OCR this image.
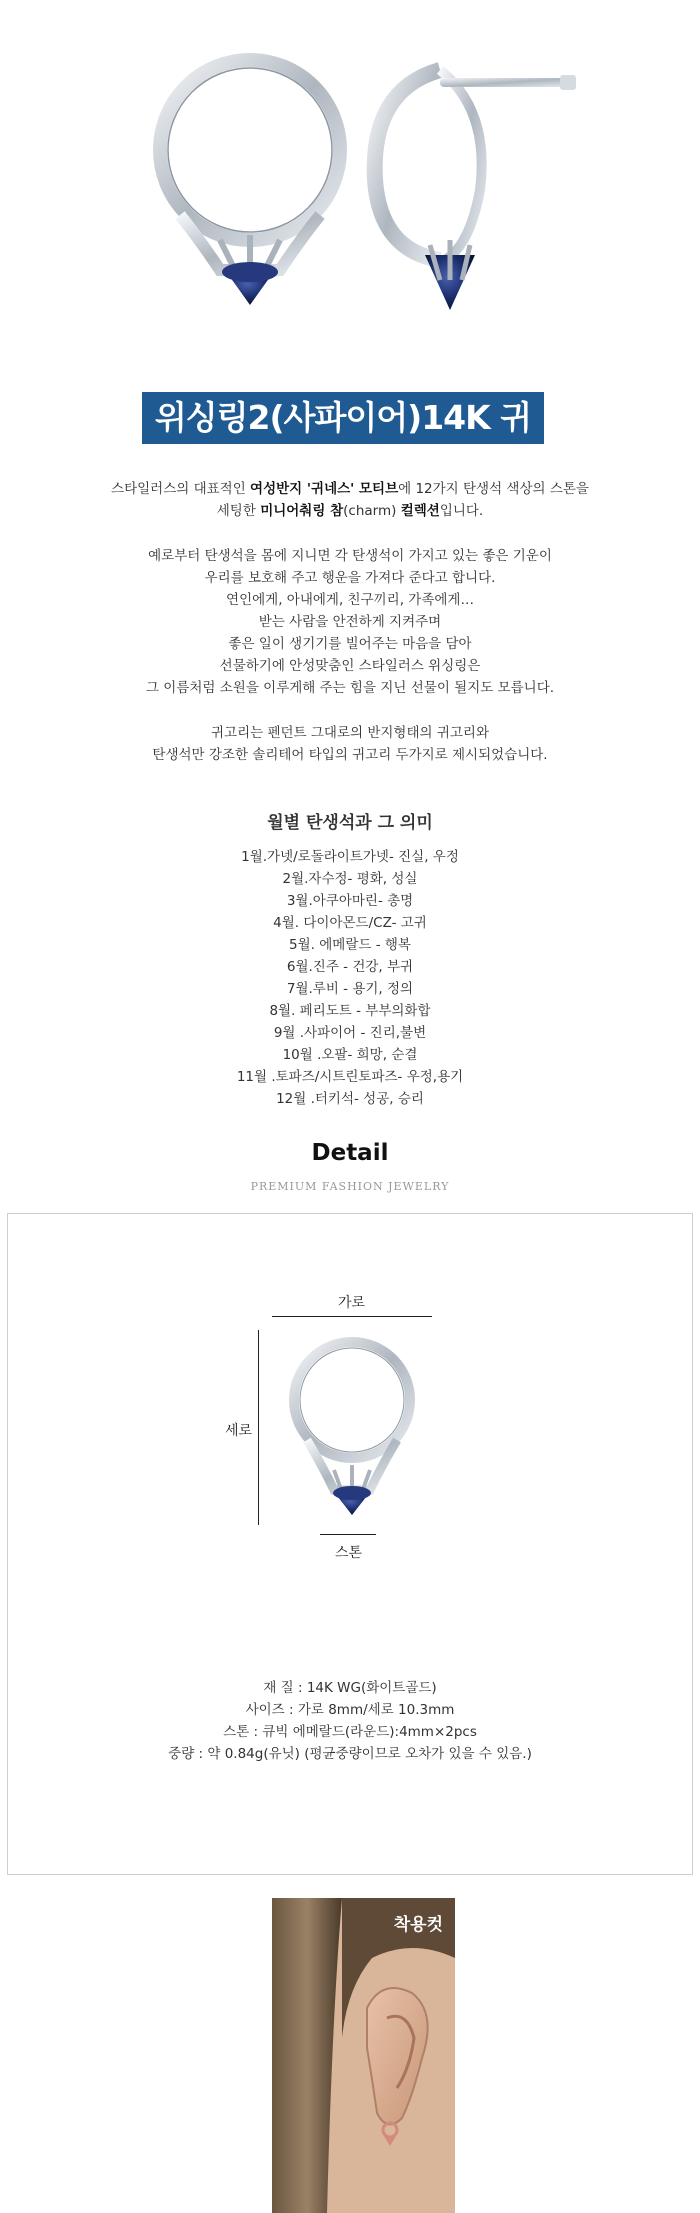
위싱링2(사파이어)14K 귀고리
스타일러스의 대표적인 여성반지 '귀네스' 모티브에 12가지 탄생석 색상의 스톤을
세팅한 미니어춰링 참(charm) 컬렉션입니다.
예로부터 탄생석을 몸에 지니면 각 탄생석이 가지고 있는 좋은 기운이
우리를 보호해 주고 행운을 가져다 준다고 합니다.
연인에게, 아내에게, 친구끼리, 가족에게…
받는 사람을 안전하게 지켜주며
좋은 일이 생기기를 빌어주는 마음을 담아
선물하기에 안성맞춤인 스타일러스 위싱링은
그 이름처럼 소원을 이루게해 주는 힘을 지닌 선물이 될지도 모릅니다.
귀고리는 펜던트 그대로의 반지형태의 귀고리와
탄생석만 강조한 솔리테어 타입의 귀고리 두가지로 제시되었습니다.
월별 탄생석과 그 의미
1월.가넷/로돌라이트가넷- 진실, 우정
2월.자수정- 평화, 성실
3월.아쿠아마린- 총명
4월. 다이아몬드/CZ- 고귀
5월. 에메랄드 - 행복
6월.진주 - 건강, 부귀
7월.루비 - 용기, 정의
8월. 페리도트 - 부부의화합
9월 .사파이어 - 진리,불변
10월 .오팔- 희망, 순결
11월 .토파즈/시트린토파즈- 우정,용기
12월 .터키석- 성공, 승리
Detail
PREMIUM FASHION JEWELRY
가로
세로
스톤
재 질 : 14K WG(화이트골드)
사이즈 : 가로 8mm/세로 10.3mm
스톤 : 큐빅 에메랄드(라운드):4mm×2pcs
중량 : 약 0.84g(유닛) (평균중량이므로 오차가 있을 수 있음.)
착용컷
